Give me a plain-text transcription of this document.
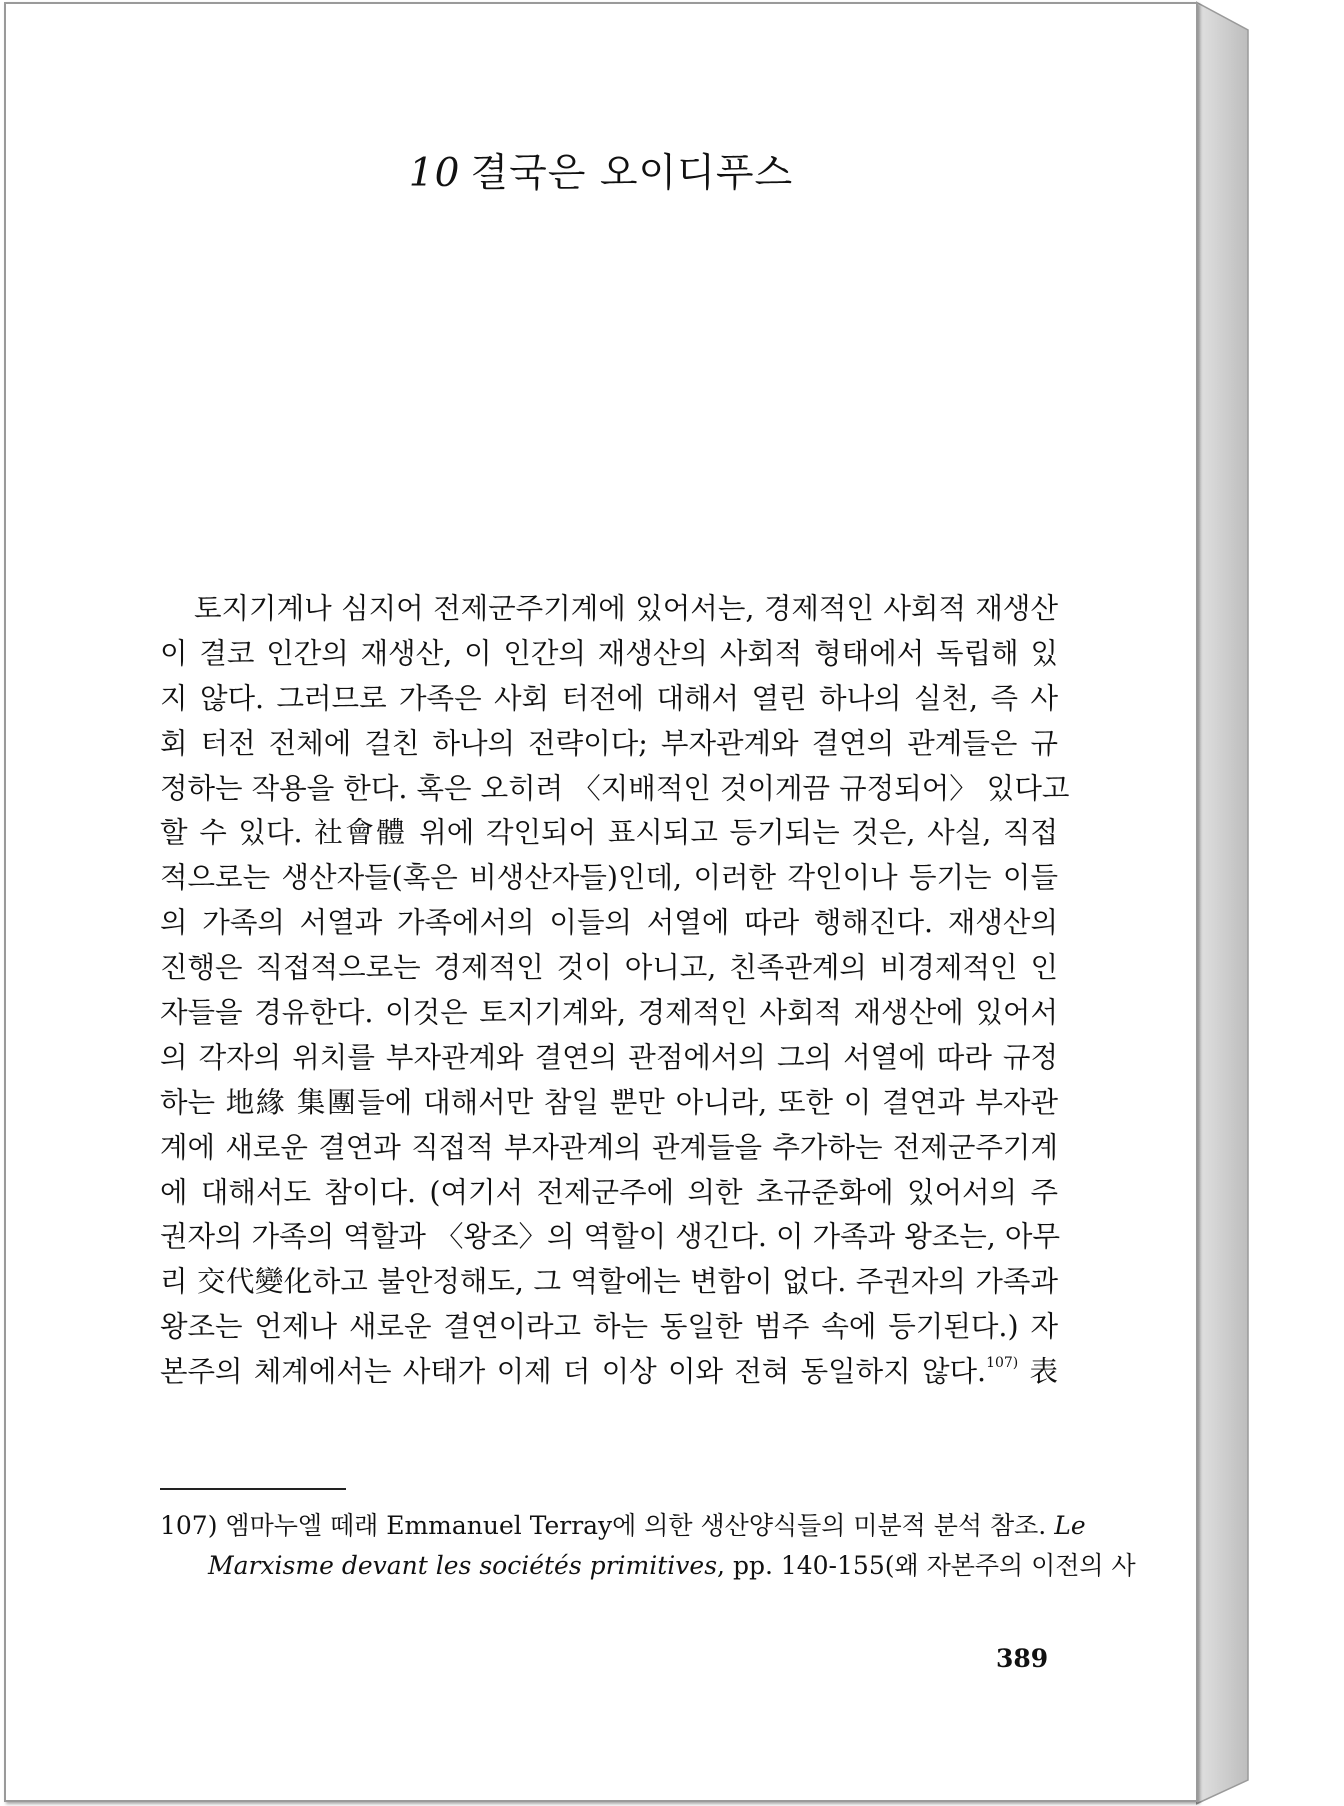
10 결국은 오이디푸스
토지기계나 심지어 전제군주기계에 있어서는, 경제적인 사회적 재생산
이 결코 인간의 재생산, 이 인간의 재생산의 사회적 형태에서 독립해 있
지 않다. 그러므로 가족은 사회 터전에 대해서 열린 하나의 실천, 즉 사
회 터전 전체에 걸친 하나의 전략이다; 부자관계와 결연의 관계들은 규
정하는 작용을 한다. 혹은 오히려 〈지배적인 것이게끔 규정되어〉 있다고
할 수 있다. 社會體 위에 각인되어 표시되고 등기되는 것은, 사실, 직접
적으로는 생산자들(혹은 비생산자들)인데, 이러한 각인이나 등기는 이들
의 가족의 서열과 가족에서의 이들의 서열에 따라 행해진다. 재생산의
진행은 직접적으로는 경제적인 것이 아니고, 친족관계의 비경제적인 인
자들을 경유한다. 이것은 토지기계와, 경제적인 사회적 재생산에 있어서
의 각자의 위치를 부자관계와 결연의 관점에서의 그의 서열에 따라 규정
하는 地緣 集團들에 대해서만 참일 뿐만 아니라, 또한 이 결연과 부자관
계에 새로운 결연과 직접적 부자관계의 관계들을 추가하는 전제군주기계
에 대해서도 참이다. (여기서 전제군주에 의한 초규준화에 있어서의 주
권자의 가족의 역할과 〈왕조〉의 역할이 생긴다. 이 가족과 왕조는, 아무
리 交代變化하고 불안정해도, 그 역할에는 변함이 없다. 주권자의 가족과
왕조는 언제나 새로운 결연이라고 하는 동일한 범주 속에 등기된다.) 자
본주의 체계에서는 사태가 이제 더 이상 이와 전혀 동일하지 않다.$^{107)}$ 表
107) 엠마누엘 떼래 Emmanuel Terray에 의한 생산양식들의 미분적 분석 참조. Le
Marxisme devant les sociétés primitives, pp. 140-155(왜 자본주의 이전의 사
389
